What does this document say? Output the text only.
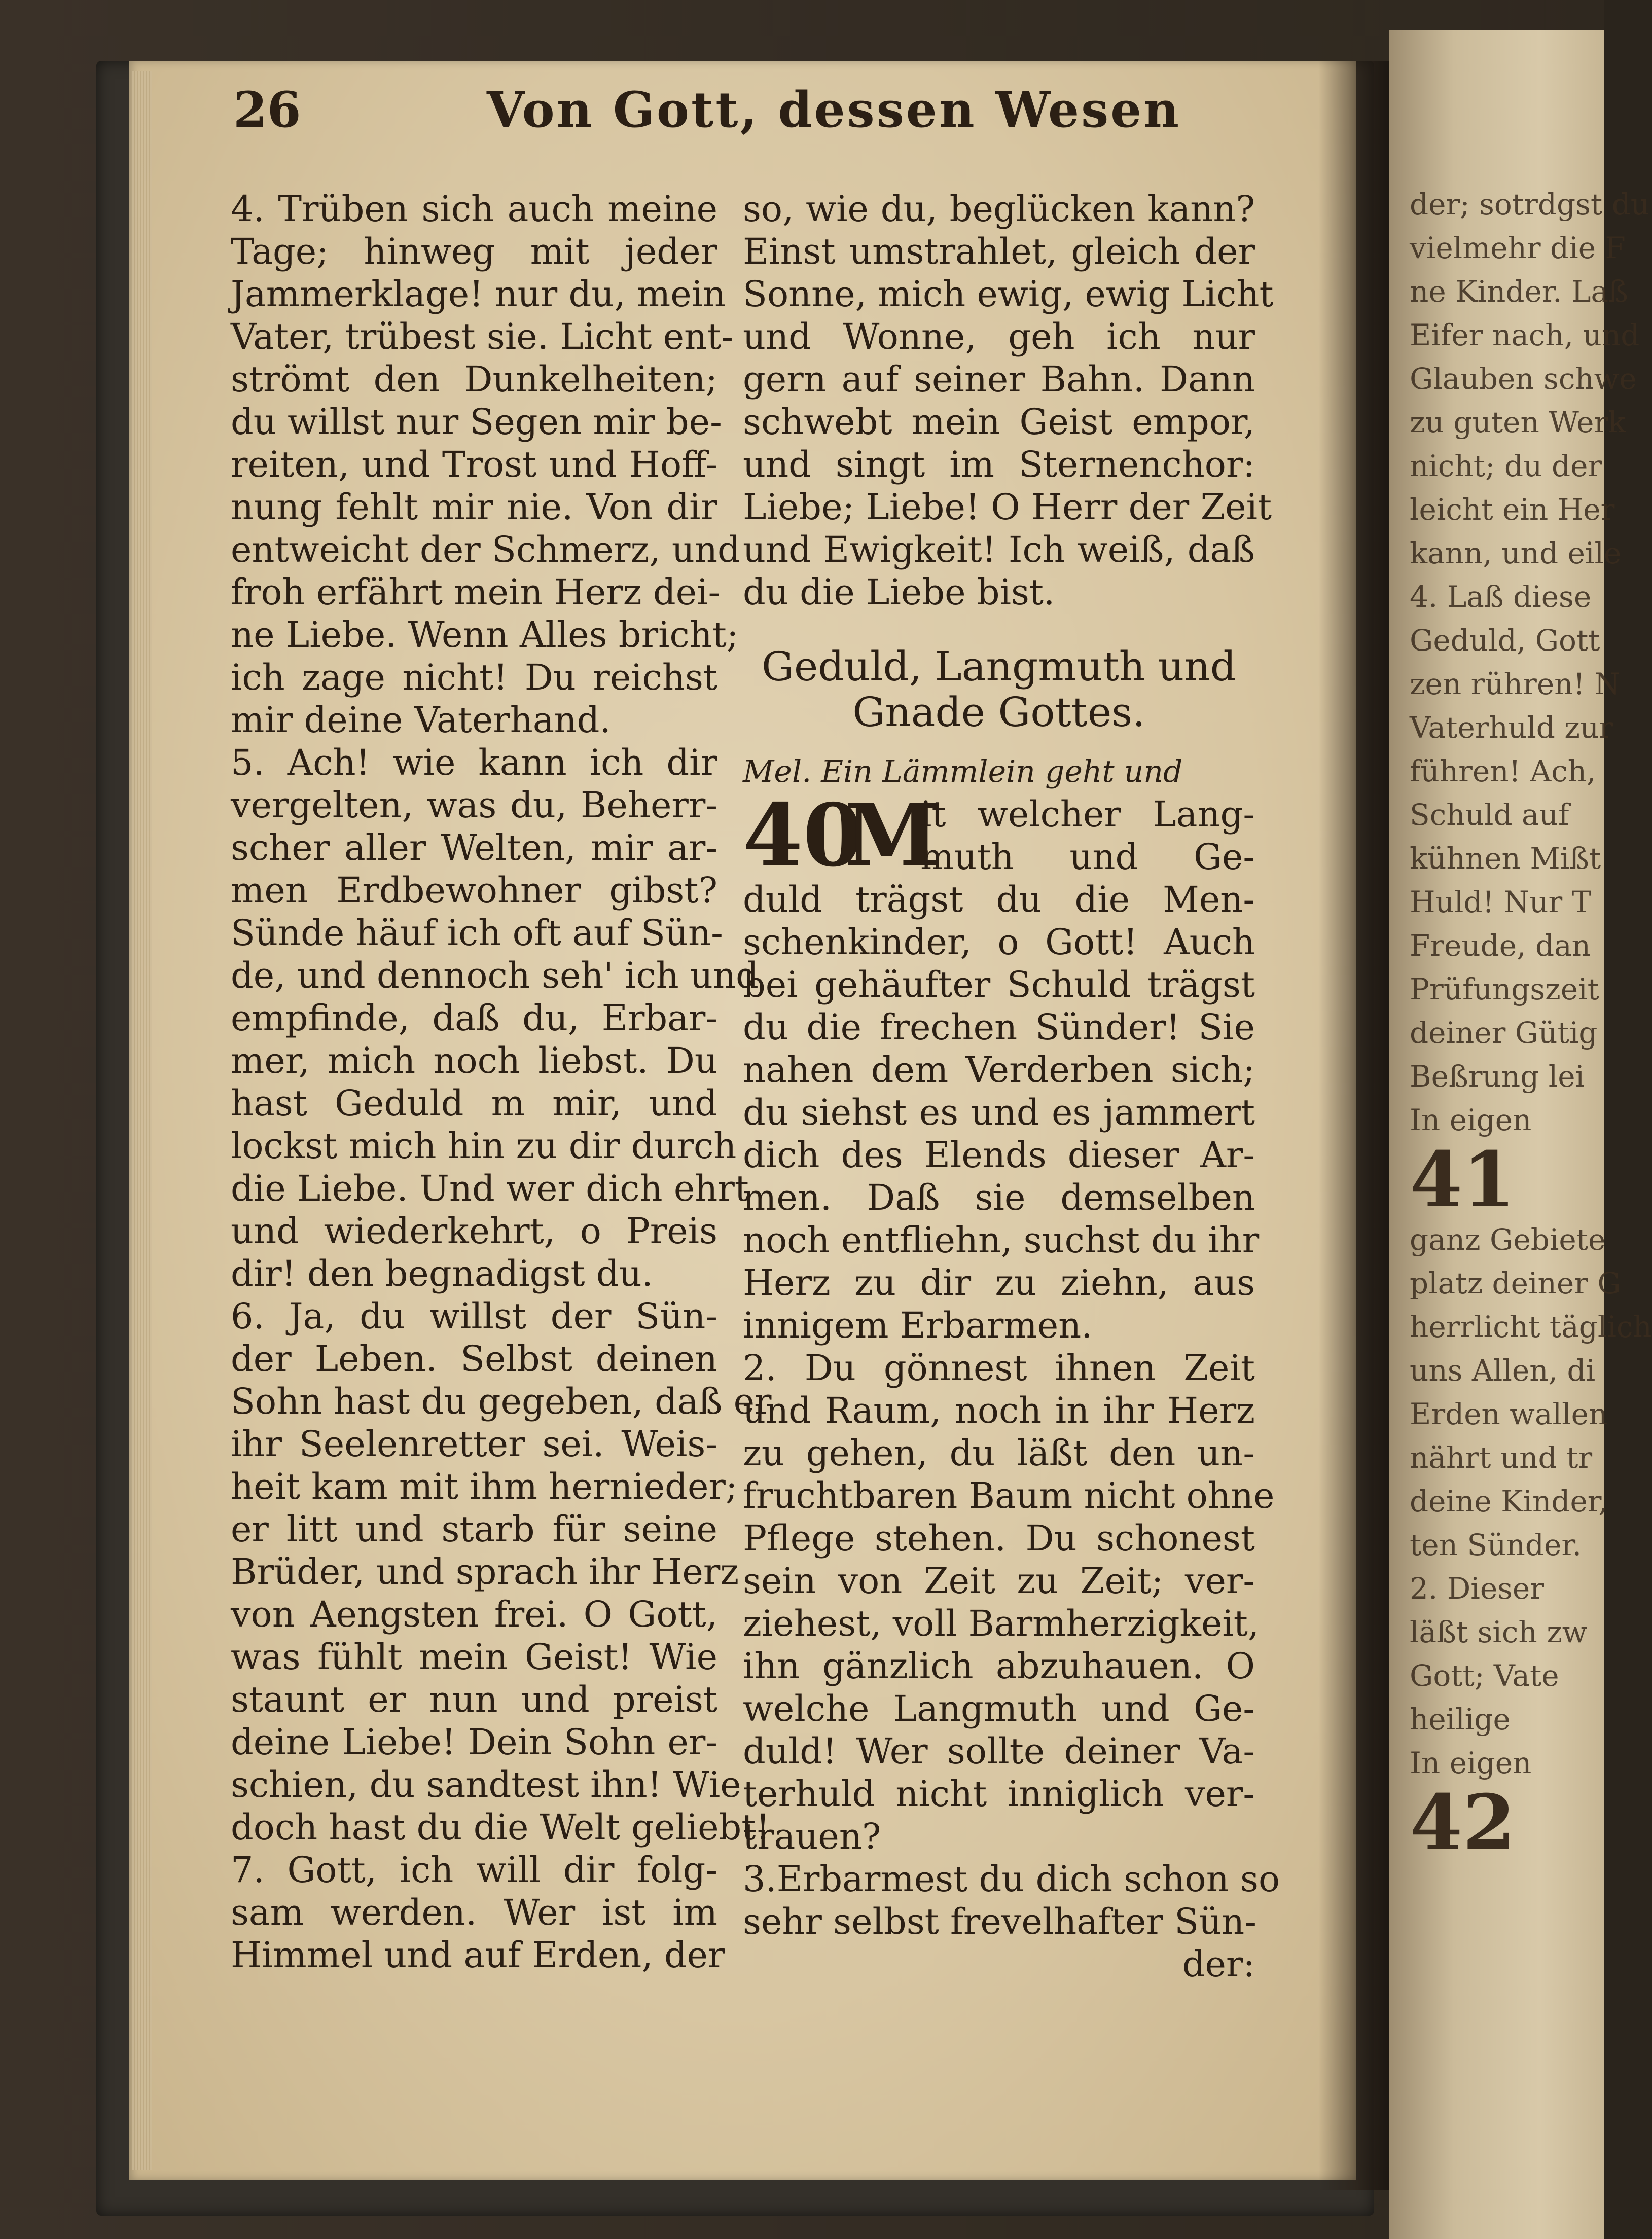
der; sotrdgst du
vielmehr die F
ne Kinder. Laß
Eifer nach, und
Glauben schwe
zu guten Werk
nicht; du der
leicht ein Her
kann, und eile
4. Laß diese
Geduld, Gott
zen rühren! N
Vaterhuld zur
führen! Ach,
Schuld auf
kühnen Mißt
Huld! Nur T
Freude, dan
Prüfungszeit
deiner Gütig
Beßrung lei
In eigen
41
ganz Gebiete
platz deiner G
herrlicht täglich
uns Allen, di
Erden wallen
nährt und tr
deine Kinder,
ten Sünder.
2. Dieser
läßt sich zw
Gott; Vate
heilige
In eigen
42
26	Von Gott, dessen Wesen
4. Trüben sich auch meine
Tage; hinweg mit jeder
Jammerklage! nur du, mein
Vater, trübest sie. Licht ent-
strömt den Dunkelheiten;
du willst nur Segen mir be-
reiten, und Trost und Hoff-
nung fehlt mir nie. Von dir
entweicht der Schmerz, und
froh erfährt mein Herz dei-
ne Liebe. Wenn Alles bricht;
ich zage nicht! Du reichst
mir deine Vaterhand.
5. Ach! wie kann ich dir
vergelten, was du, Beherr-
scher aller Welten, mir ar-
men Erdbewohner gibst?
Sünde häuf ich oft auf Sün-
de, und dennoch seh' ich und
empfinde, daß du, Erbar-
mer, mich noch liebst. Du
hast Geduld m mir, und
lockst mich hin zu dir durch
die Liebe. Und wer dich ehrt
und wiederkehrt, o Preis
dir! den begnadigst du.
6. Ja, du willst der Sün-
der Leben. Selbst deinen
Sohn hast du gegeben, daß er
ihr Seelenretter sei. Weis-
heit kam mit ihm hernieder;
er litt und starb für seine
Brüder, und sprach ihr Herz
von Aengsten frei. O Gott,
was fühlt mein Geist! Wie
staunt er nun und preist
deine Liebe! Dein Sohn er-
schien, du sandtest ihn! Wie
doch hast du die Welt geliebt!
7. Gott, ich will dir folg-
sam werden. Wer ist im
Himmel und auf Erden, der
so, wie du, beglücken kann?
Einst umstrahlet, gleich der
Sonne, mich ewig, ewig Licht
und Wonne, geh ich nur
gern auf seiner Bahn. Dann
schwebt mein Geist empor,
und singt im Sternenchor:
Liebe; Liebe! O Herr der Zeit
und Ewigkeit! Ich weiß, daß
du die Liebe bist.
Geduld, Langmuth und
Gnade Gottes.
Mel. Ein Lämmlein geht und
40
M
it welcher Lang-
muth und Ge-
duld trägst du die Men-
schenkinder, o Gott! Auch
bei gehäufter Schuld trägst
du die frechen Sünder! Sie
nahen dem Verderben sich;
du siehst es und es jammert
dich des Elends dieser Ar-
men. Daß sie demselben
noch entfliehn, suchst du ihr
Herz zu dir zu ziehn, aus
innigem Erbarmen.
2. Du gönnest ihnen Zeit
und Raum, noch in ihr Herz
zu gehen, du läßt den un-
fruchtbaren Baum nicht ohne
Pflege stehen. Du schonest
sein von Zeit zu Zeit; ver-
ziehest, voll Barmherzigkeit,
ihn gänzlich abzuhauen. O
welche Langmuth und Ge-
duld! Wer sollte deiner Va-
terhuld nicht inniglich ver-
trauen?
3.Erbarmest du dich schon so
sehr selbst frevelhafter Sün-
der:
